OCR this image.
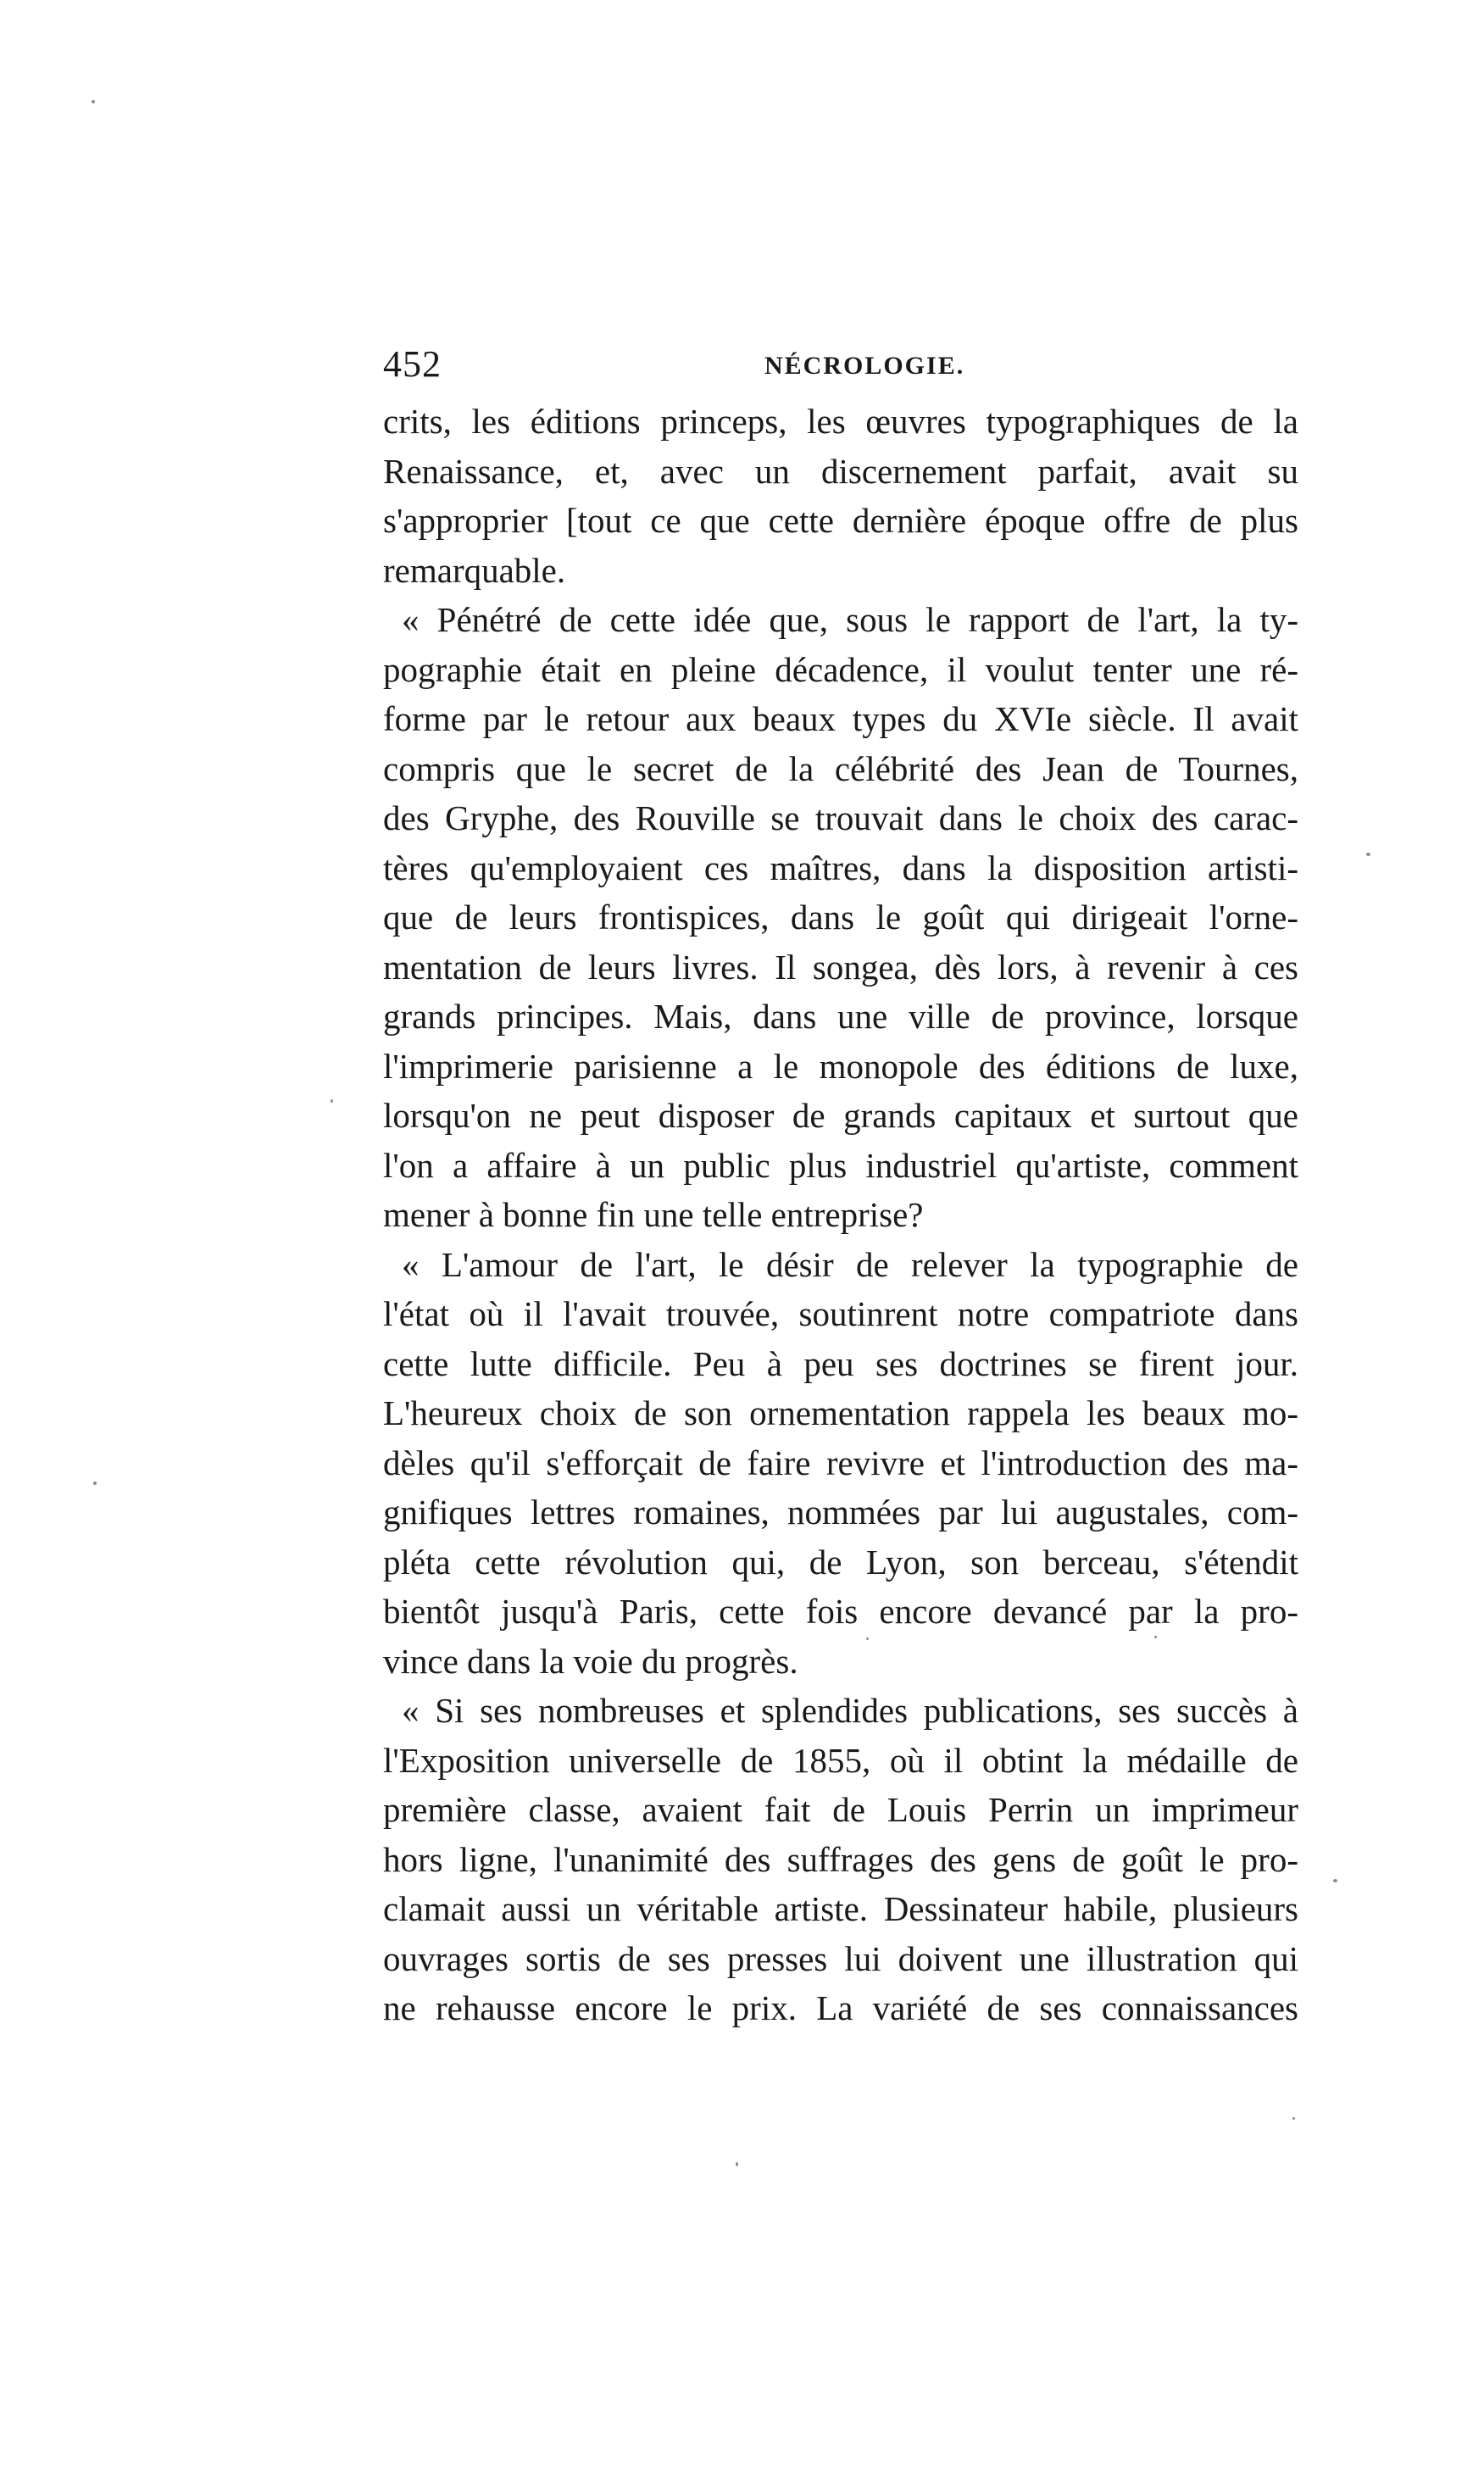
452	NÉCROLOGIE.
crits, les éditions princeps, les œuvres typographiques de la
Renaissance, et, avec un discernement parfait, avait su
s'approprier [tout ce que cette dernière époque offre de plus
remarquable.
« Pénétré de cette idée que, sous le rapport de l'art, la ty-
pographie était en pleine décadence, il voulut tenter une ré-
forme par le retour aux beaux types du XVIe siècle. Il avait
compris que le secret de la célébrité des Jean de Tournes,
des Gryphe, des Rouville se trouvait dans le choix des carac-
tères qu'employaient ces maîtres, dans la disposition artisti-
que de leurs frontispices, dans le goût qui dirigeait l'orne-
mentation de leurs livres. Il songea, dès lors, à revenir à ces
grands principes. Mais, dans une ville de province, lorsque
l'imprimerie parisienne a le monopole des éditions de luxe,
lorsqu'on ne peut disposer de grands capitaux et surtout que
l'on a affaire à un public plus industriel qu'artiste, comment
mener à bonne fin une telle entreprise?
« L'amour de l'art, le désir de relever la typographie de
l'état où il l'avait trouvée, soutinrent notre compatriote dans
cette lutte difficile. Peu à peu ses doctrines se firent jour.
L'heureux choix de son ornementation rappela les beaux mo-
dèles qu'il s'efforçait de faire revivre et l'introduction des ma-
gnifiques lettres romaines, nommées par lui augustales, com-
pléta cette révolution qui, de Lyon, son berceau, s'étendit
bientôt jusqu'à Paris, cette fois encore devancé par la pro-
vince dans la voie du progrès.
« Si ses nombreuses et splendides publications, ses succès à
l'Exposition universelle de 1855, où il obtint la médaille de
première classe, avaient fait de Louis Perrin un imprimeur
hors ligne, l'unanimité des suffrages des gens de goût le pro-
clamait aussi un véritable artiste. Dessinateur habile, plusieurs
ouvrages sortis de ses presses lui doivent une illustration qui
ne rehausse encore le prix. La variété de ses connaissances
